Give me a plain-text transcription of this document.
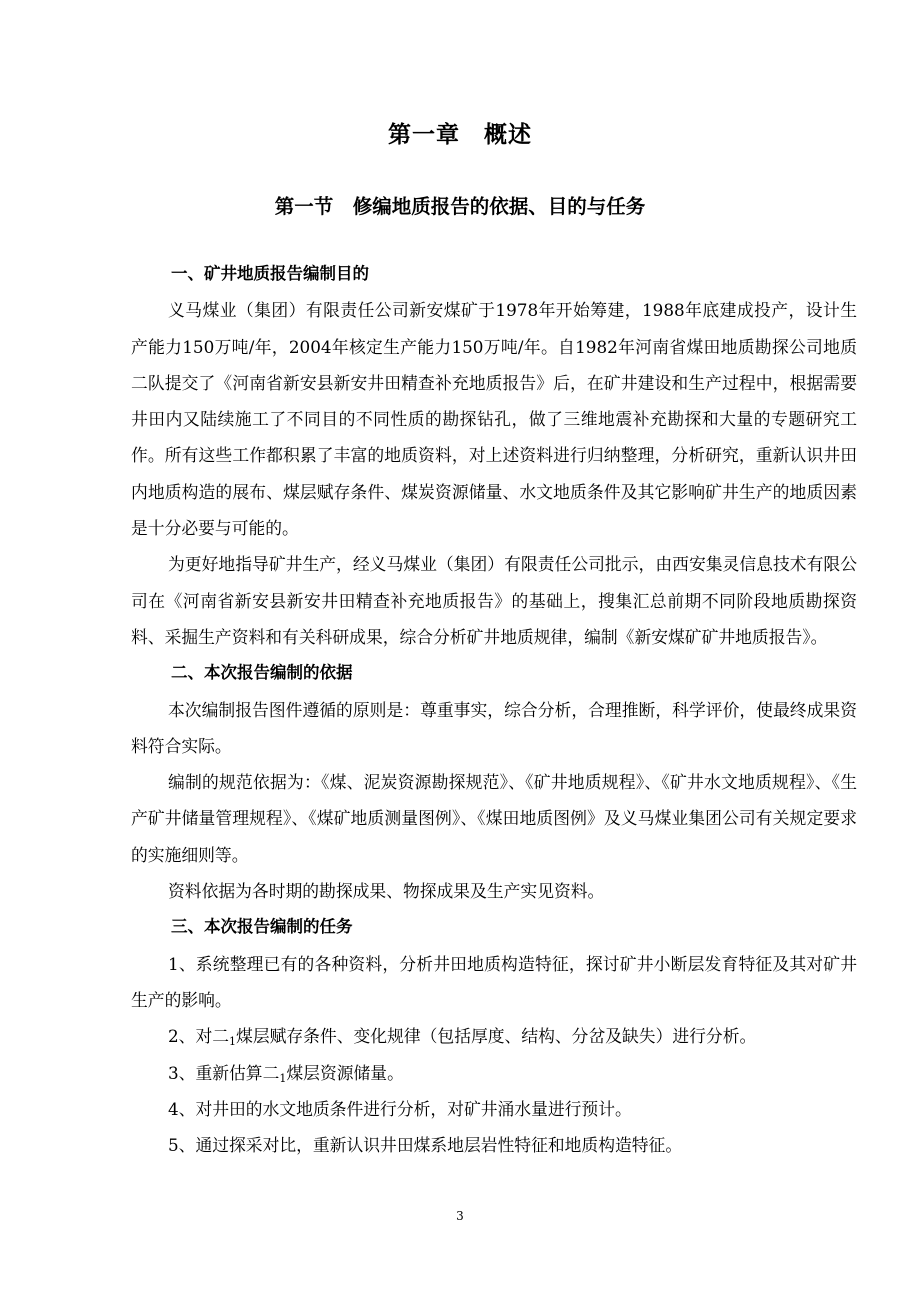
第一章　概述
第一节　修编地质报告的依据、目的与任务
一、矿井地质报告编制目的

义马煤业（集团）有限责任公司新安煤矿于1978年开始筹建，1988年底建成投产，设计生产能力150万吨/年，2004年核定生产能力150万吨/年。自1982年河南省煤田地质勘探公司地质二队提交了《河南省新安县新安井田精查补充地质报告》后，在矿井建设和生产过程中，根据需要井田内又陆续施工了不同目的不同性质的勘探钻孔，做了三维地震补充勘探和大量的专题研究工作。所有这些工作都积累了丰富的地质资料，对上述资料进行归纳整理，分析研究，重新认识井田内地质构造的展布、煤层赋存条件、煤炭资源储量、水文地质条件及其它影响矿井生产的地质因素是十分必要与可能的。

为更好地指导矿井生产，经义马煤业（集团）有限责任公司批示，由西安集灵信息技术有限公司在《河南省新安县新安井田精查补充地质报告》的基础上，搜集汇总前期不同阶段地质勘探资料、采掘生产资料和有关科研成果，综合分析矿井地质规律，编制《新安煤矿矿井地质报告》。

二、本次报告编制的依据

本次编制报告图件遵循的原则是：尊重事实，综合分析，合理推断，科学评价，使最终成果资料符合实际。

编制的规范依据为：《煤、泥炭资源勘探规范》、《矿井地质规程》、《矿井水文地质规程》、《生产矿井储量管理规程》、《煤矿地质测量图例》、《煤田地质图例》及义马煤业集团公司有关规定要求的实施细则等。

资料依据为各时期的勘探成果、物探成果及生产实见资料。

三、本次报告编制的任务

1、系统整理已有的各种资料，分析井田地质构造特征，探讨矿井小断层发育特征及其对矿井生产的影响。

2、对二1煤层赋存条件、变化规律（包括厚度、结构、分岔及缺失）进行分析。

3、重新估算二1煤层资源储量。

4、对井田的水文地质条件进行分析，对矿井涌水量进行预计。

5、通过探采对比，重新认识井田煤系地层岩性特征和地质构造特征。

3
